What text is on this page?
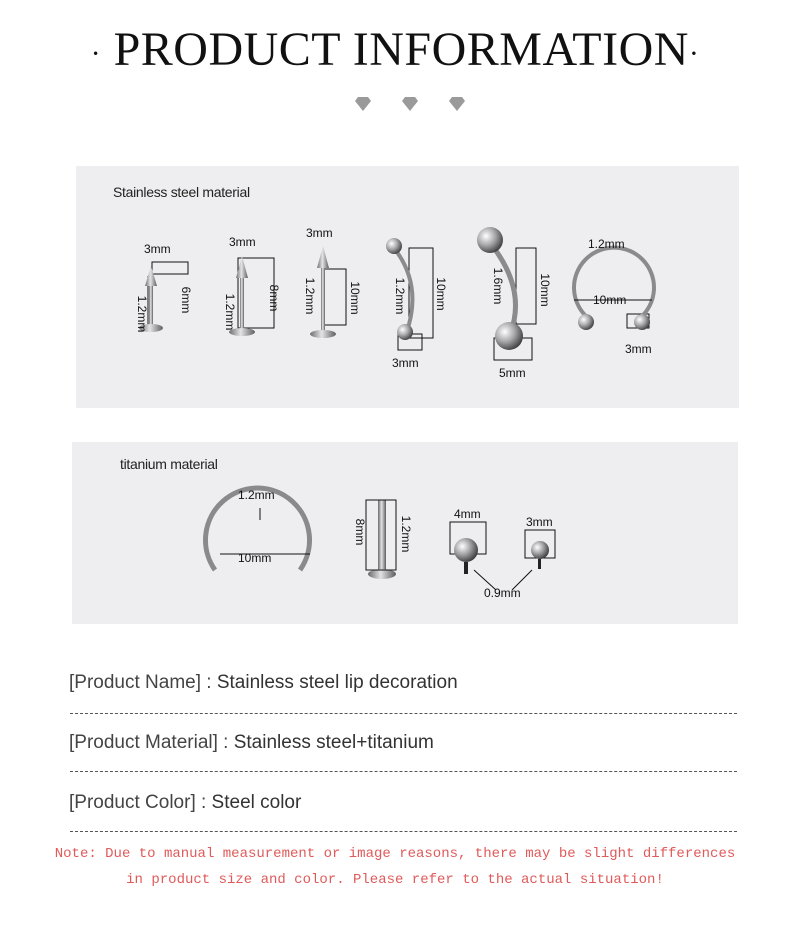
· PRODUCT INFORMATION·
Stainless steel material
3mm
1.2mm	6mm
3mm
1.2mm	8mm
3mm
1.2mm	10mm	1.2mm 10mm
3mm
1.6mm	10mm
5mm
1.2mm
10mm
3mm
titanium material
1.2mm
10mm
8mm	1.2mm
4mm
3mm
0.9mm
[Product Name] : Stainless steel lip decoration
[Product Material] : Stainless steel+titanium
[Product Color] : Steel color
Note: Due to manual measurement or image reasons, there may be slight differences
in product size and color. Please refer to the actual situation!
